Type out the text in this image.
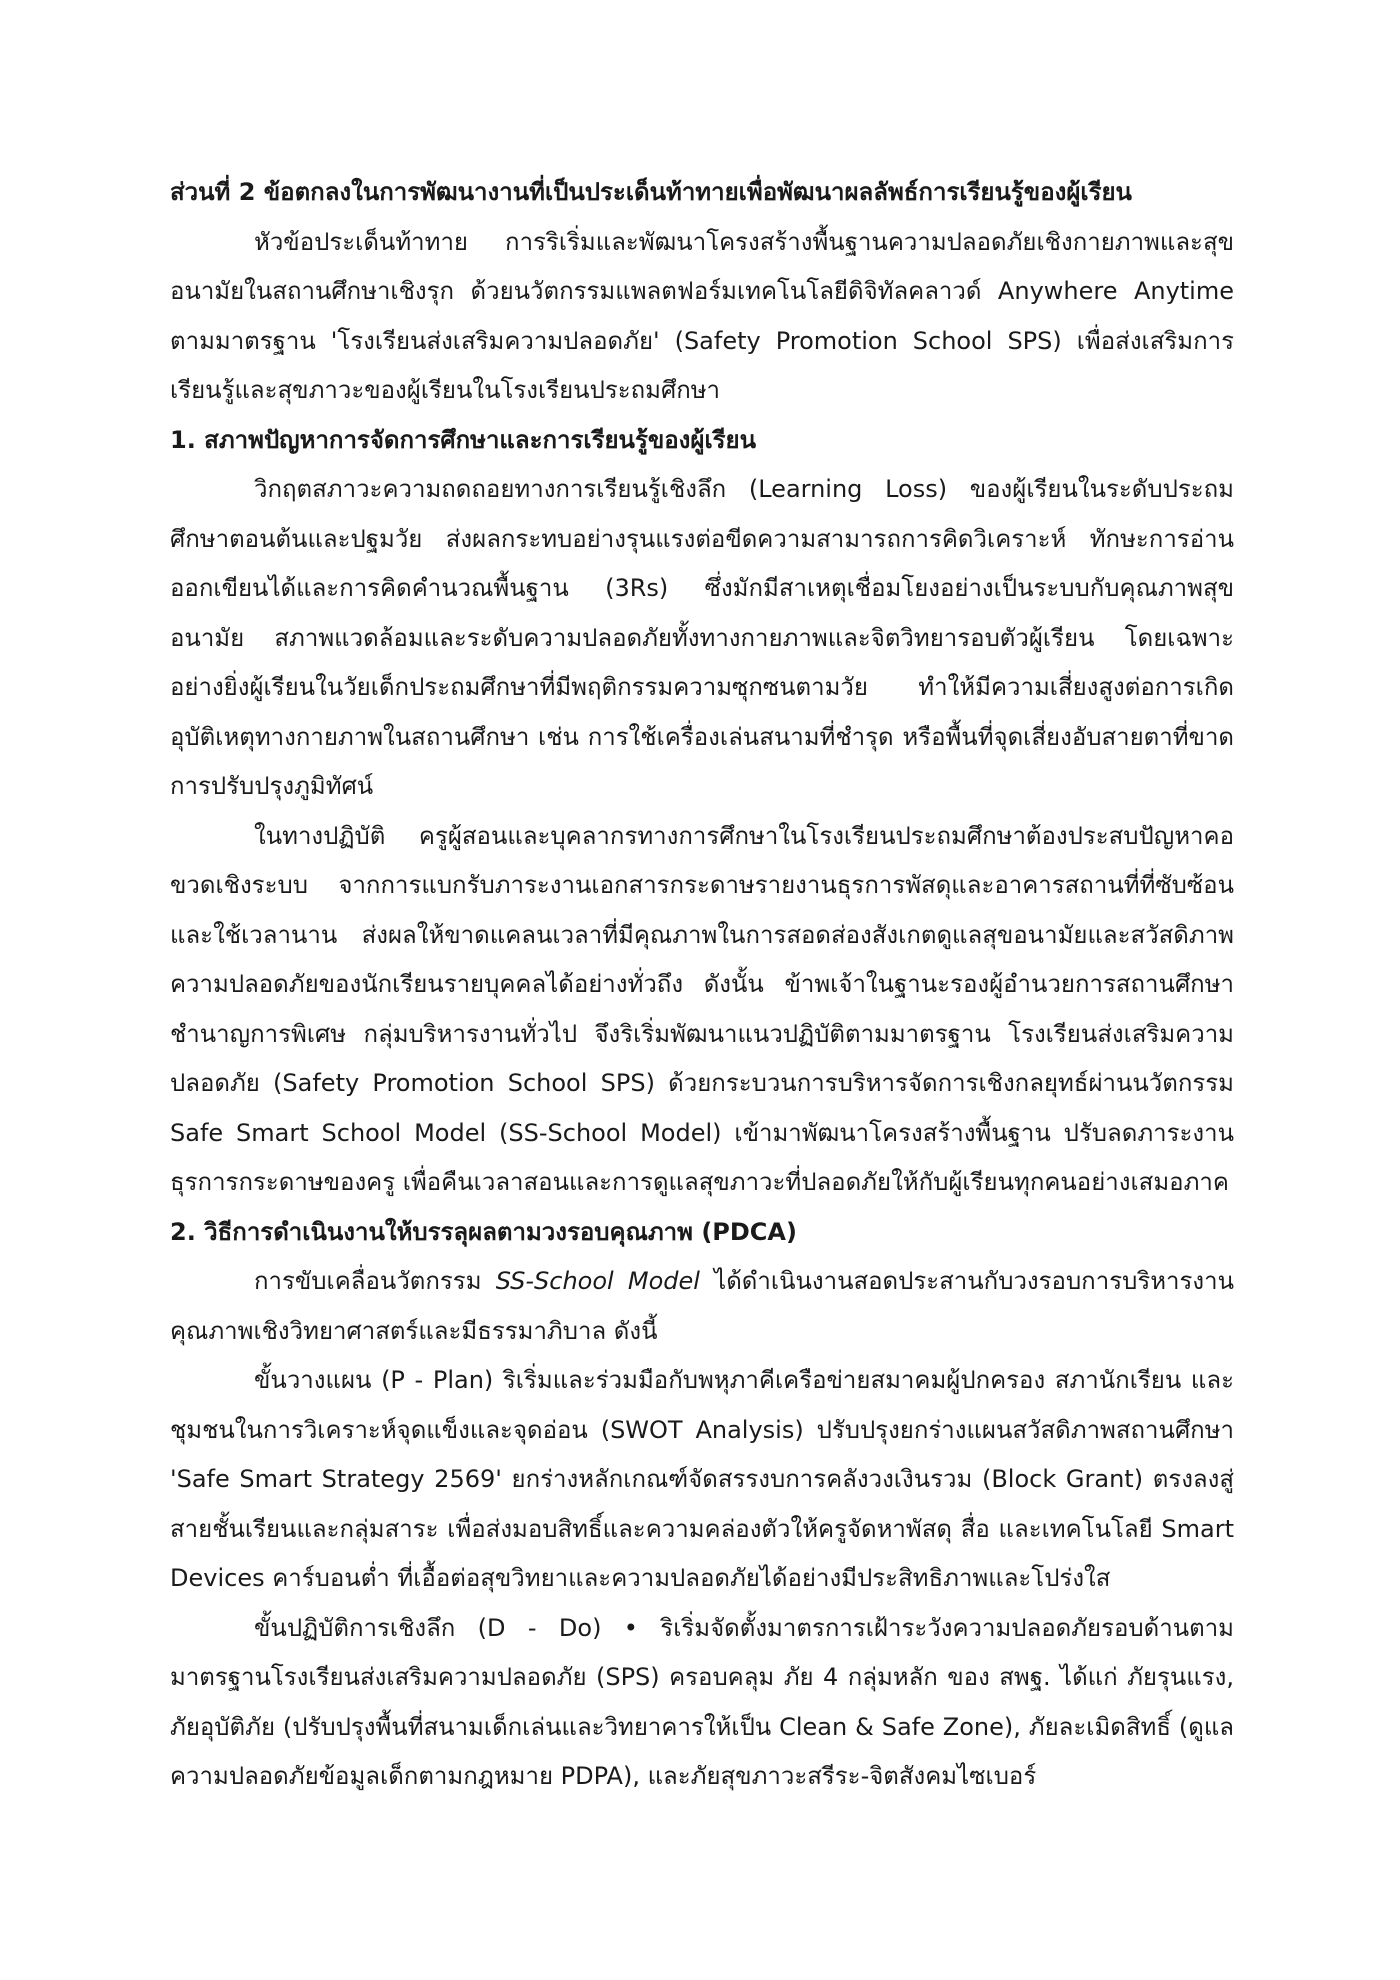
ส่วนที่ 2 ข้อตกลงในการพัฒนางานที่เป็นประเด็นท้าทายเพื่อพัฒนาผลลัพธ์การเรียนรู้ของผู้เรียน

หัวข้อประเด็นท้าทาย การริเริ่มและพัฒนาโครงสร้างพื้นฐานความปลอดภัยเชิงกายภาพและสุขอนามัยในสถานศึกษาเชิงรุก ด้วยนวัตกรรมแพลตฟอร์มเทคโนโลยีดิจิทัลคลาวด์ Anywhere Anytime ตามมาตรฐาน 'โรงเรียนส่งเสริมความปลอดภัย' (Safety Promotion School SPS) เพื่อส่งเสริมการเรียนรู้และสุขภาวะของผู้เรียนในโรงเรียนประถมศึกษา

1. สภาพปัญหาการจัดการศึกษาและการเรียนรู้ของผู้เรียน

วิกฤตสภาวะความถดถอยทางการเรียนรู้เชิงลึก (Learning Loss) ของผู้เรียนในระดับประถมศึกษาตอนต้นและปฐมวัย ส่งผลกระทบอย่างรุนแรงต่อขีดความสามารถการคิดวิเคราะห์ ทักษะการอ่านออกเขียนได้และการคิดคำนวณพื้นฐาน (3Rs) ซึ่งมักมีสาเหตุเชื่อมโยงอย่างเป็นระบบกับคุณภาพสุขอนามัย สภาพแวดล้อมและระดับความปลอดภัยทั้งทางกายภาพและจิตวิทยารอบตัวผู้เรียน โดยเฉพาะอย่างยิ่งผู้เรียนในวัยเด็กประถมศึกษาที่มีพฤติกรรมความซุกซนตามวัย ทำให้มีความเสี่ยงสูงต่อการเกิดอุบัติเหตุทางกายภาพในสถานศึกษา เช่น การใช้เครื่องเล่นสนามที่ชำรุด หรือพื้นที่จุดเสี่ยงอับสายตาที่ขาดการปรับปรุงภูมิทัศน์

ในทางปฏิบัติ ครูผู้สอนและบุคลากรทางการศึกษาในโรงเรียนประถมศึกษาต้องประสบปัญหาคอขวดเชิงระบบ จากการแบกรับภาระงานเอกสารกระดาษรายงานธุรการพัสดุและอาคารสถานที่ที่ซับซ้อนและใช้เวลานาน ส่งผลให้ขาดแคลนเวลาที่มีคุณภาพในการสอดส่องสังเกตดูแลสุขอนามัยและสวัสดิภาพความปลอดภัยของนักเรียนรายบุคคลได้อย่างทั่วถึง ดังนั้น ข้าพเจ้าในฐานะรองผู้อำนวยการสถานศึกษาชำนาญการพิเศษ กลุ่มบริหารงานทั่วไป จึงริเริ่มพัฒนาแนวปฏิบัติตามมาตรฐาน โรงเรียนส่งเสริมความปลอดภัย (Safety Promotion School SPS) ด้วยกระบวนการบริหารจัดการเชิงกลยุทธ์ผ่านนวัตกรรม Safe Smart School Model (SS-School Model) เข้ามาพัฒนาโครงสร้างพื้นฐาน ปรับลดภาระงานธุรการกระดาษของครู เพื่อคืนเวลาสอนและการดูแลสุขภาวะที่ปลอดภัยให้กับผู้เรียนทุกคนอย่างเสมอภาค

2. วิธีการดำเนินงานให้บรรลุผลตามวงรอบคุณภาพ (PDCA)

การขับเคลื่อนวัตกรรม SS-School Model ได้ดำเนินงานสอดประสานกับวงรอบการบริหารงานคุณภาพเชิงวิทยาศาสตร์และมีธรรมาภิบาล ดังนี้

ขั้นวางแผน (P - Plan) ริเริ่มและร่วมมือกับพหุภาคีเครือข่ายสมาคมผู้ปกครอง สภานักเรียน และชุมชนในการวิเคราะห์จุดแข็งและจุดอ่อน (SWOT Analysis) ปรับปรุงยกร่างแผนสวัสดิภาพสถานศึกษา 'Safe Smart Strategy 2569' ยกร่างหลักเกณฑ์จัดสรรงบการคลังวงเงินรวม (Block Grant) ตรงลงสู่สายชั้นเรียนและกลุ่มสาระ เพื่อส่งมอบสิทธิ์และความคล่องตัวให้ครูจัดหาพัสดุ สื่อ และเทคโนโลยี Smart Devices คาร์บอนต่ำ ที่เอื้อต่อสุขวิทยาและความปลอดภัยได้อย่างมีประสิทธิภาพและโปร่งใส

ขั้นปฏิบัติการเชิงลึก (D - Do) • ริเริ่มจัดตั้งมาตรการเฝ้าระวังความปลอดภัยรอบด้านตามมาตรฐานโรงเรียนส่งเสริมความปลอดภัย (SPS) ครอบคลุม ภัย 4 กลุ่มหลัก ของ สพฐ. ได้แก่ ภัยรุนแรง, ภัยอุบัติภัย (ปรับปรุงพื้นที่สนามเด็กเล่นและวิทยาคารให้เป็น Clean & Safe Zone), ภัยละเมิดสิทธิ์ (ดูแลความปลอดภัยข้อมูลเด็กตามกฎหมาย PDPA), และภัยสุขภาวะสรีระ-จิตสังคมไซเบอร์
